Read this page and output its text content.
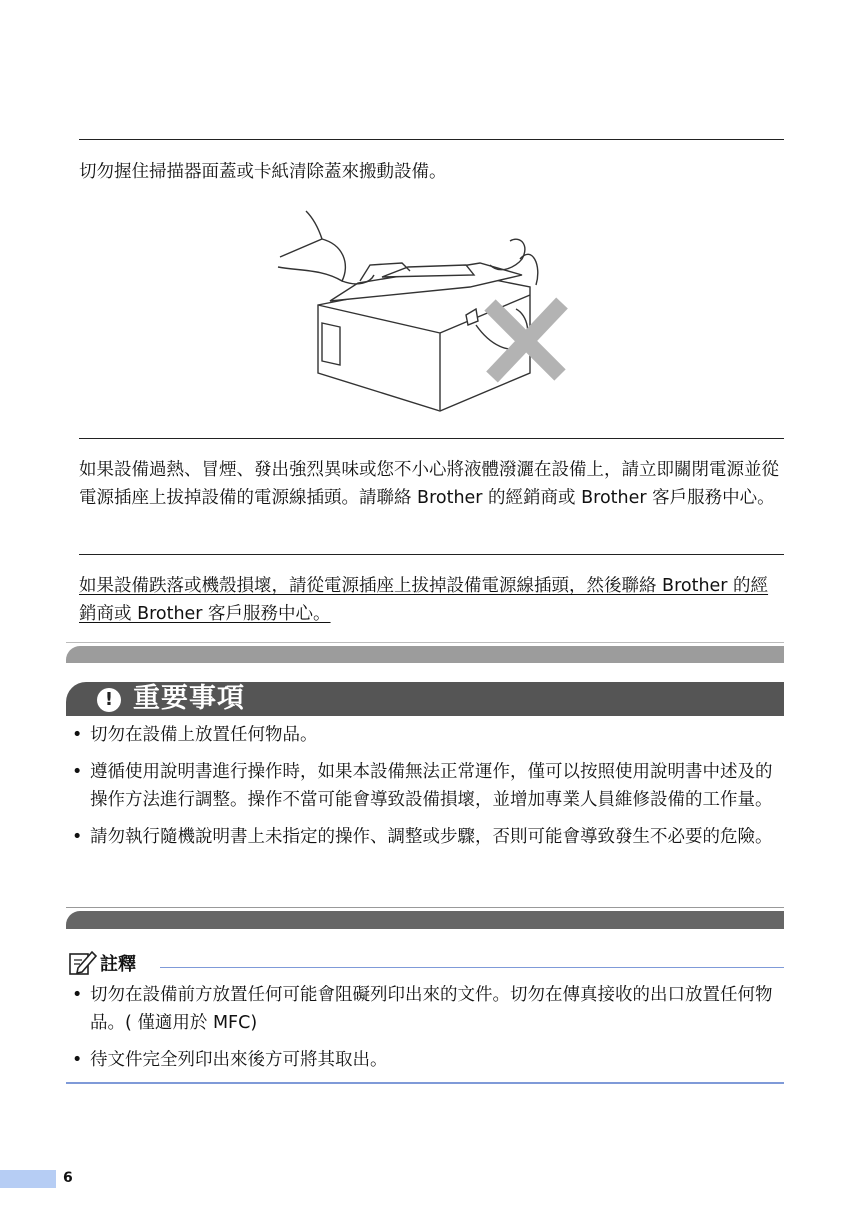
切勿握住掃描器面蓋或卡紙清除蓋來搬動設備。

如果設備過熱、冒煙、發出強烈異味或您不小心將液體潑灑在設備上，請立即關閉電源並從電源插座上拔掉設備的電源線插頭。請聯絡 Brother 的經銷商或 Brother 客戶服務中心。

如果設備跌落或機殼損壞，請從電源插座上拔掉設備電源線插頭，然後聯絡 Brother 的經銷商或 Brother 客戶服務中心。

! 重要事項
• 切勿在設備上放置任何物品。
• 遵循使用說明書進行操作時，如果本設備無法正常運作，僅可以按照使用說明書中述及的操作方法進行調整。操作不當可能會導致設備損壞，並增加專業人員維修設備的工作量。
• 請勿執行隨機說明書上未指定的操作、調整或步驟，否則可能會導致發生不必要的危險。
註釋
• 切勿在設備前方放置任何可能會阻礙列印出來的文件。切勿在傳真接收的出口放置任何物品。( 僅適用於 MFC)
• 待文件完全列印出來後方可將其取出。
6
